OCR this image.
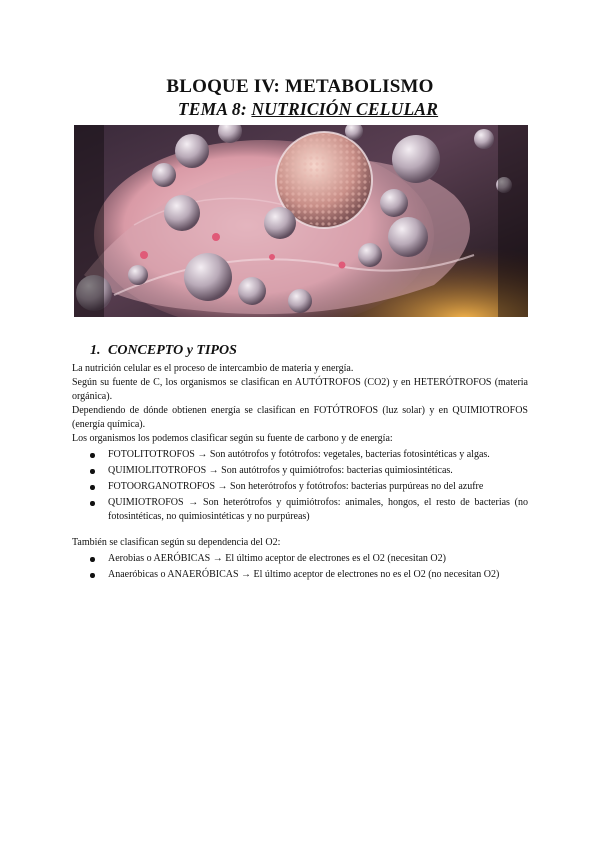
BLOQUE IV: METABOLISMO
TEMA 8: NUTRICIÓN CELULAR
1. CONCEPTO y TIPOS
La nutrición celular es el proceso de intercambio de materia y energía.
Según su fuente de C, los organismos se clasifican en AUTÓTROFOS (CO2) y en HETERÓTROFOS (materia orgánica).
Dependiendo de dónde obtienen energía se clasifican en FOTÓTROFOS (luz solar) y en QUIMIOTROFOS (energía química).
Los organismos los podemos clasificar según su fuente de carbono y de energía:
FOTOLITOTROFOS → Son autótrofos y fotótrofos: vegetales, bacterias fotosintéticas y algas.
QUIMIOLITOTROFOS → Son autótrofos y quimiótrofos: bacterias quimiosintéticas.
FOTOORGANOTROFOS → Son heterótrofos y fotótrofos: bacterias purpúreas no del azufre
QUIMIOTROFOS → Son heterótrofos y quimiótrofos: animales, hongos, el resto de bacterias (no fotosintéticas, no quimiosintéticas y no purpúreas)
También se clasifican según su dependencia del O2:
Aerobias o AERÓBICAS → El último aceptor de electrones es el O2 (necesitan O2)
Anaeróbicas o ANAERÓBICAS → El último aceptor de electrones no es el O2 (no necesitan O2)
